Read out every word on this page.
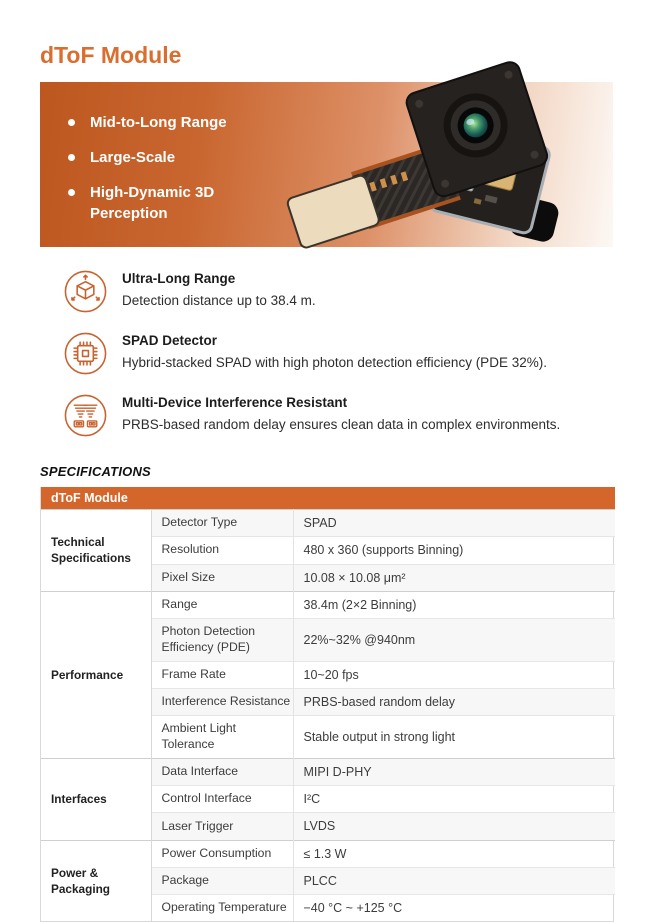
dToF Module
Mid-to-Long Range
Large-Scale
High-Dynamic 3D Perception
Ultra-Long Range
Detection distance up to 38.4 m.
SPAD Detector
Hybrid-stacked SPAD with high photon detection efficiency (PDE 32%).
Multi-Device Interference Resistant
PRBS-based random delay ensures clean data in complex environments.
SPECIFICATIONS
dToF Module		
Technical Specifications	Detector Type	SPAD
	Resolution	480 x 360 (supports Binning)
	Pixel Size	10.08 × 10.08 μm²
Performance	Range	38.4m (2×2 Binning)
	Photon Detection Efficiency (PDE)	22%~32% @940nm
	Frame Rate	10~20 fps
	Interference Resistance	PRBS-based random delay
	Ambient Light Tolerance	Stable output in strong light
Interfaces	Data Interface	MIPI D-PHY
	Control Interface	I²C
	Laser Trigger	LVDS
Power & Packaging	Power Consumption	≤ 1.3 W
	Package	PLCC
	Operating Temperature	−40 °C ~ +125 °C
